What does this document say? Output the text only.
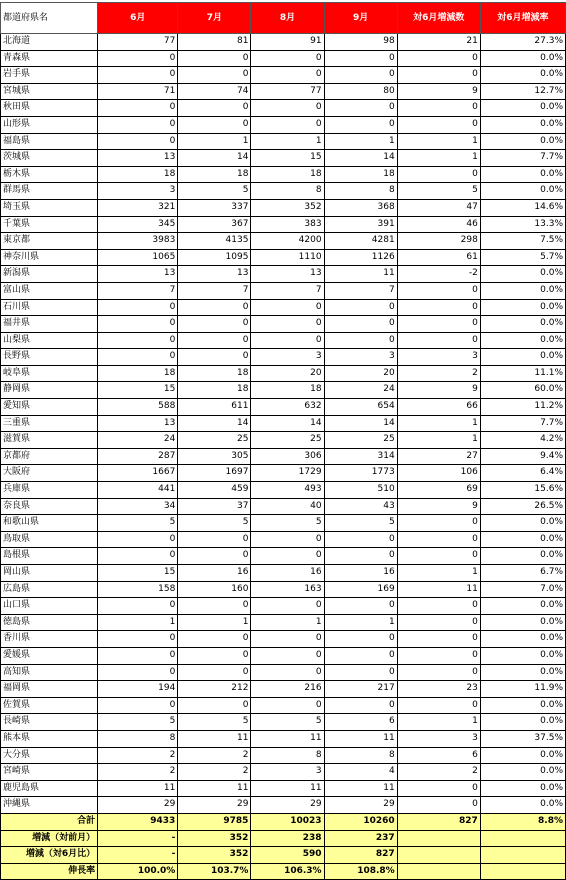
都道府県名	6月	7月	8月	9月	対6月増減数	対6月増減率
北海道	77	81	91	98	21	27.3%
青森県	0	0	0	0	0	0.0%
岩手県	0	0	0	0	0	0.0%
宮城県	71	74	77	80	9	12.7%
秋田県	0	0	0	0	0	0.0%
山形県	0	0	0	0	0	0.0%
福島県	0	1	1	1	1	0.0%
茨城県	13	14	15	14	1	7.7%
栃木県	18	18	18	18	0	0.0%
群馬県	3	5	8	8	5	0.0%
埼玉県	321	337	352	368	47	14.6%
千葉県	345	367	383	391	46	13.3%
東京都	3983	4135	4200	4281	298	7.5%
神奈川県	1065	1095	1110	1126	61	5.7%
新潟県	13	13	13	11	-2	0.0%
富山県	7	7	7	7	0	0.0%
石川県	0	0	0	0	0	0.0%
福井県	0	0	0	0	0	0.0%
山梨県	0	0	0	0	0	0.0%
長野県	0	0	3	3	3	0.0%
岐阜県	18	18	20	20	2	11.1%
静岡県	15	18	18	24	9	60.0%
愛知県	588	611	632	654	66	11.2%
三重県	13	14	14	14	1	7.7%
滋賀県	24	25	25	25	1	4.2%
京都府	287	305	306	314	27	9.4%
大阪府	1667	1697	1729	1773	106	6.4%
兵庫県	441	459	493	510	69	15.6%
奈良県	34	37	40	43	9	26.5%
和歌山県	5	5	5	5	0	0.0%
鳥取県	0	0	0	0	0	0.0%
島根県	0	0	0	0	0	0.0%
岡山県	15	16	16	16	1	6.7%
広島県	158	160	163	169	11	7.0%
山口県	0	0	0	0	0	0.0%
徳島県	1	1	1	1	0	0.0%
香川県	0	0	0	0	0	0.0%
愛媛県	0	0	0	0	0	0.0%
高知県	0	0	0	0	0	0.0%
福岡県	194	212	216	217	23	11.9%
佐賀県	0	0	0	0	0	0.0%
長崎県	5	5	5	6	1	0.0%
熊本県	8	11	11	11	3	37.5%
大分県	2	2	8	8	6	0.0%
宮崎県	2	2	3	4	2	0.0%
鹿児島県	11	11	11	11	0	0.0%
沖縄県	29	29	29	29	0	0.0%
合計	9433	9785	10023	10260	827	8.8%
増減（対前月）	-	352	238	237		
増減（対6月比）	-	352	590	827		
伸長率	100.0%	103.7%	106.3%	108.8%		
